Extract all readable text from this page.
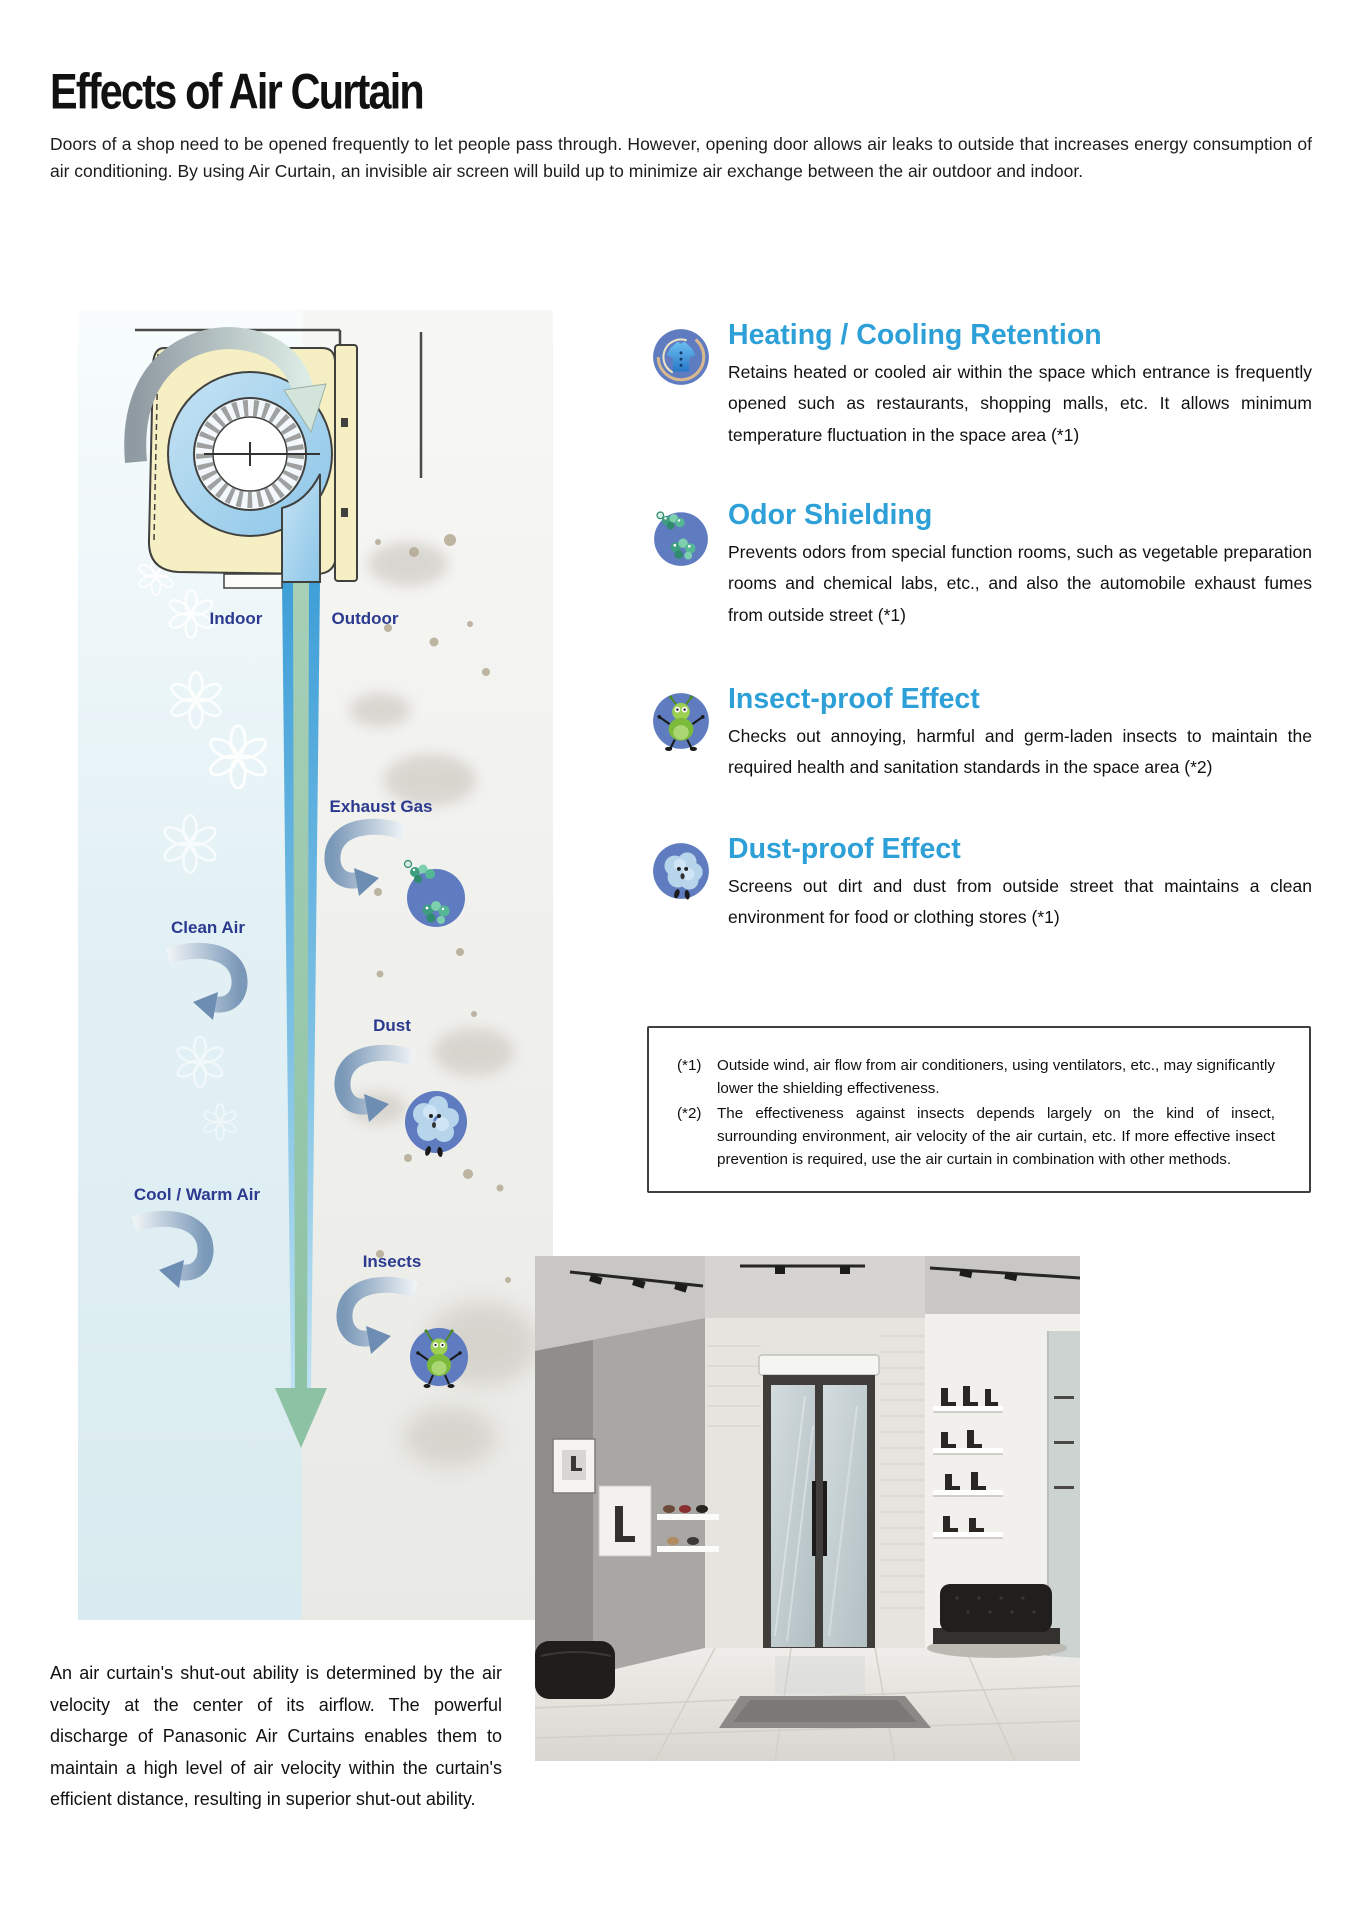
Effects of Air Curtain

Doors of a shop need to be opened frequently to let people pass through. However, opening door allows air leaks to outside that increases energy consumption of air conditioning. By using Air Curtain, an invisible air screen will build up to minimize air exchange between the air outdoor and indoor.

Indoor	Outdoor
Exhaust Gas
Clean Air
Dust
Cool / Warm Air
Insects
Heating / Cooling Retention

Retains heated or cooled air within the space which entrance is frequently opened such as restaurants, shopping malls, etc. It allows minimum temperature fluctuation in the space area (*1)

Odor Shielding

Prevents odors from special function rooms, such as vegetable preparation rooms and chemical labs, etc., and also the automobile exhaust fumes from outside street (*1)

Insect-proof Effect

Checks out annoying, harmful and germ-laden insects to maintain the required health and sanitation standards in the space area (*2)

Dust-proof Effect

Screens out dirt and dust from outside street that maintains a clean environment for food or clothing stores (*1)

(*1)	Outside wind, air flow from air conditioners, using ventilators, etc., may significantly lower the shielding effectiveness.
(*2)	The effectiveness against insects depends largely on the kind of insect, surrounding environment, air velocity of the air curtain, etc. If more effective insect prevention is required, use the air curtain in combination with other methods.

An air curtain's shut-out ability is determined by the air velocity at the center of its airflow. The powerful discharge of Panasonic Air Curtains enables them to maintain a high level of air velocity within the curtain's efficient distance, resulting in superior shut-out ability.
